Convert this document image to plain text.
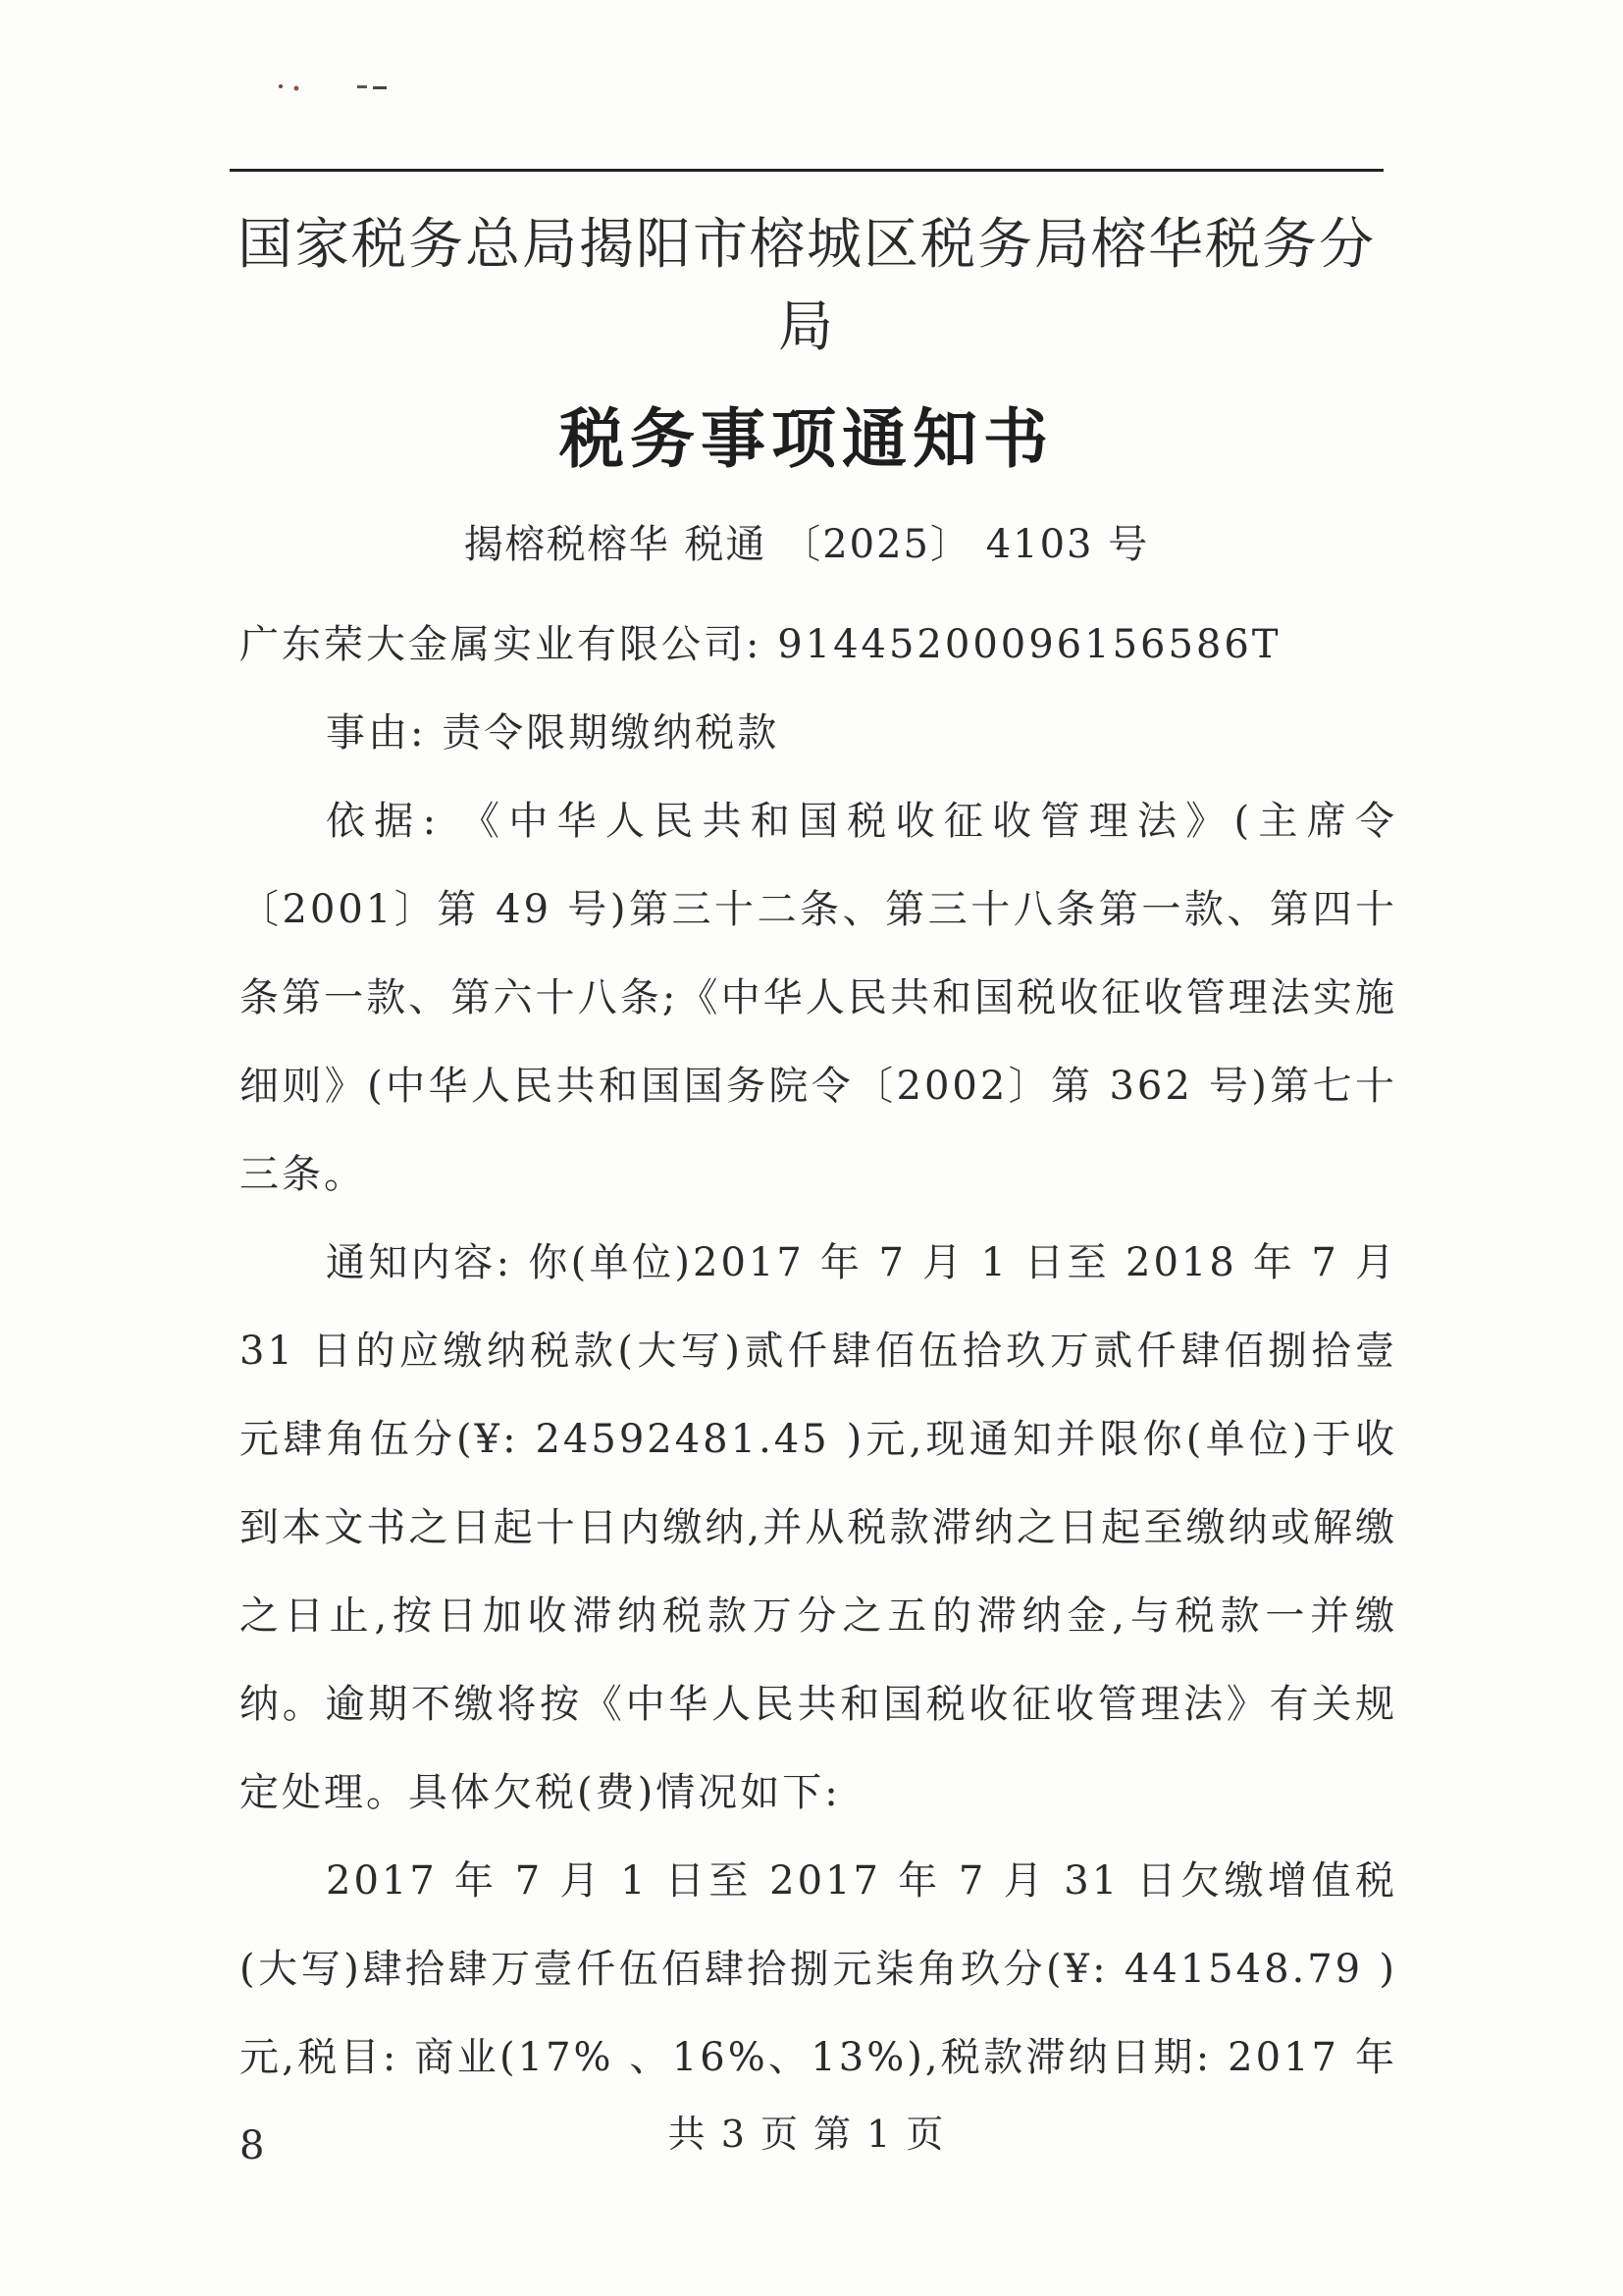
国家税务总局揭阳市榕城区税务局榕华税务分局
税务事项通知书
揭榕税榕华 税通 〔2025〕 4103 号

广东荣大金属实业有限公司: 91445200096156586T

事由: 责令限期缴纳税款

依据: 《中华人民共和国税收征收管理法》(主席令〔2001〕第 49 号)第三十二条、第三十八条第一款、第四十条第一款、第六十八条;《中华人民共和国税收征收管理法实施细则》(中华人民共和国国务院令〔2002〕第 362 号)第七十三条。

通知内容: 你(单位)2017 年 7 月 1 日至 2018 年 7 月 31 日的应缴纳税款(大写)贰仟肆佰伍拾玖万贰仟肆佰捌拾壹元肆角伍分(¥: 24592481.45 )元,现通知并限你(单位)于收到本文书之日起十日内缴纳,并从税款滞纳之日起至缴纳或解缴之日止,按日加收滞纳税款万分之五的滞纳金,与税款一并缴纳。逾期不缴将按《中华人民共和国税收征收管理法》有关规定处理。具体欠税(费)情况如下:

2017 年 7 月 1 日至 2017 年 7 月 31 日欠缴增值税(大写)肆拾肆万壹仟伍佰肆拾捌元柒角玖分(¥: 441548.79 )元,税目: 商业(17% 、16%、13%),税款滞纳日期: 2017 年 8	共 3 页 第 1 页
